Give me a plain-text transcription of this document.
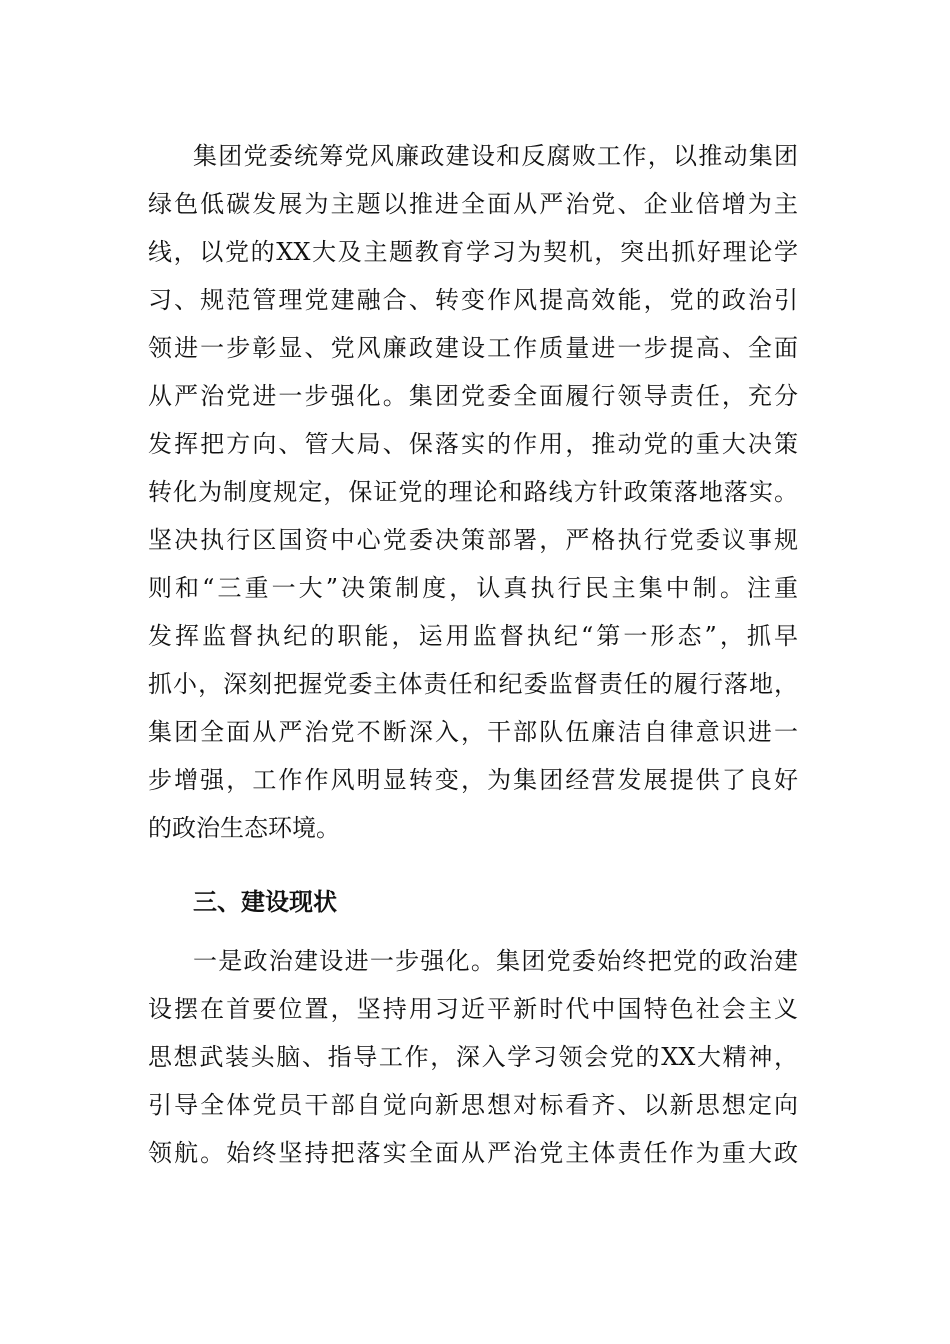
集团党委统筹党风廉政建设和反腐败工作，以推动集团
绿色低碳发展为主题以推进全面从严治党、企业倍增为主
线，以党的XX大及主题教育学习为契机，突出抓好理论学
习、规范管理党建融合、转变作风提高效能，党的政治引
领进一步彰显、党风廉政建设工作质量进一步提高、全面
从严治党进一步强化。集团党委全面履行领导责任，充分
发挥把方向、管大局、保落实的作用，推动党的重大决策
转化为制度规定，保证党的理论和路线方针政策落地落实。
坚决执行区国资中心党委决策部署，严格执行党委议事规
则和“三重一大”决策制度，认真执行民主集中制。注重
发挥监督执纪的职能，运用监督执纪“第一形态”，抓早
抓小，深刻把握党委主体责任和纪委监督责任的履行落地，
集团全面从严治党不断深入，干部队伍廉洁自律意识进一
步增强，工作作风明显转变，为集团经营发展提供了良好
的政治生态环境。
三、建设现状
一是政治建设进一步强化。集团党委始终把党的政治建
设摆在首要位置，坚持用习近平新时代中国特色社会主义
思想武装头脑、指导工作，深入学习领会党的XX大精神，
引导全体党员干部自觉向新思想对标看齐、以新思想定向
领航。始终坚持把落实全面从严治党主体责任作为重大政
